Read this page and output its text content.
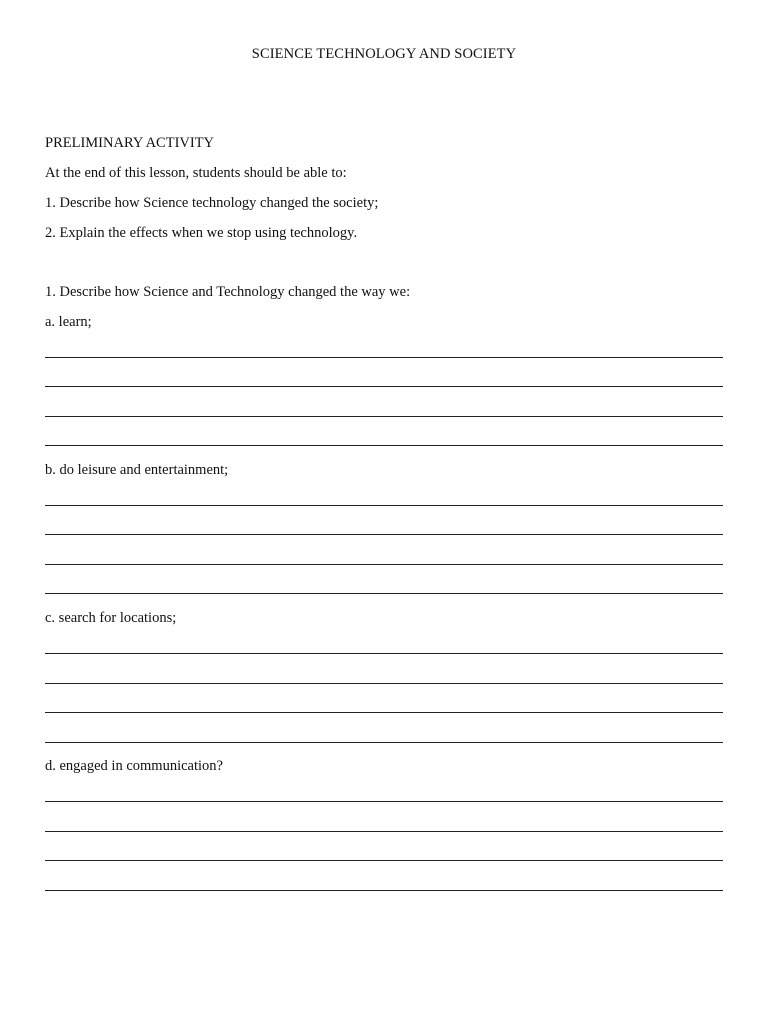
SCIENCE TECHNOLOGY AND SOCIETY
PRELIMINARY ACTIVITY
At the end of this lesson, students should be able to:
1. Describe how Science technology changed the society;
2. Explain the effects when we stop using technology.
1. Describe how Science and Technology changed the way we:
a. learn;
b. do leisure and entertainment;
c. search for locations;
d. engaged in communication?
